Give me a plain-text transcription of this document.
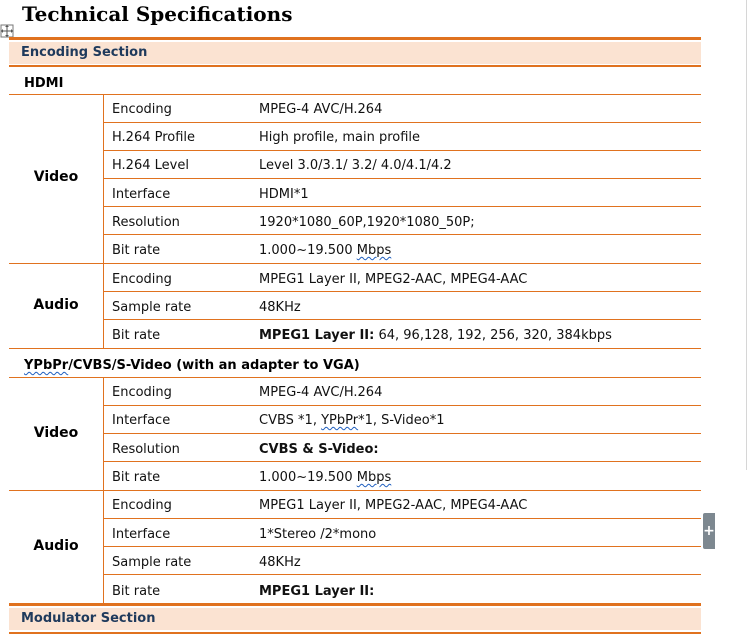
Technical Specifications
+
Encoding Section
HDMI
Video
Encoding	MPEG-4 AVC/H.264
H.264 Profile	High profile, main profile
H.264 Level	Level 3.0/3.1/ 3.2/ 4.0/4.1/4.2
Interface	HDMI*1
Resolution	1920*1080_60P,1920*1080_50P;
Bit rate	1.000~19.500 Mbps
Audio
Encoding	MPEG1 Layer II, MPEG2-AAC, MPEG4-AAC
Sample rate	48KHz
Bit rate	MPEG1 Layer II: 64, 96,128, 192, 256, 320, 384kbps
YPbPr/CVBS/S-Video (with an adapter to VGA)
Video
Encoding	MPEG-4 AVC/H.264
Interface	CVBS *1, YPbPr*1, S-Video*1
Resolution	CVBS & S-Video:
Bit rate	1.000~19.500 Mbps
Audio
Encoding	MPEG1 Layer II, MPEG2-AAC, MPEG4-AAC
Interface	1*Stereo /2*mono
Sample rate	48KHz
Bit rate	MPEG1 Layer II:
Modulator Section
